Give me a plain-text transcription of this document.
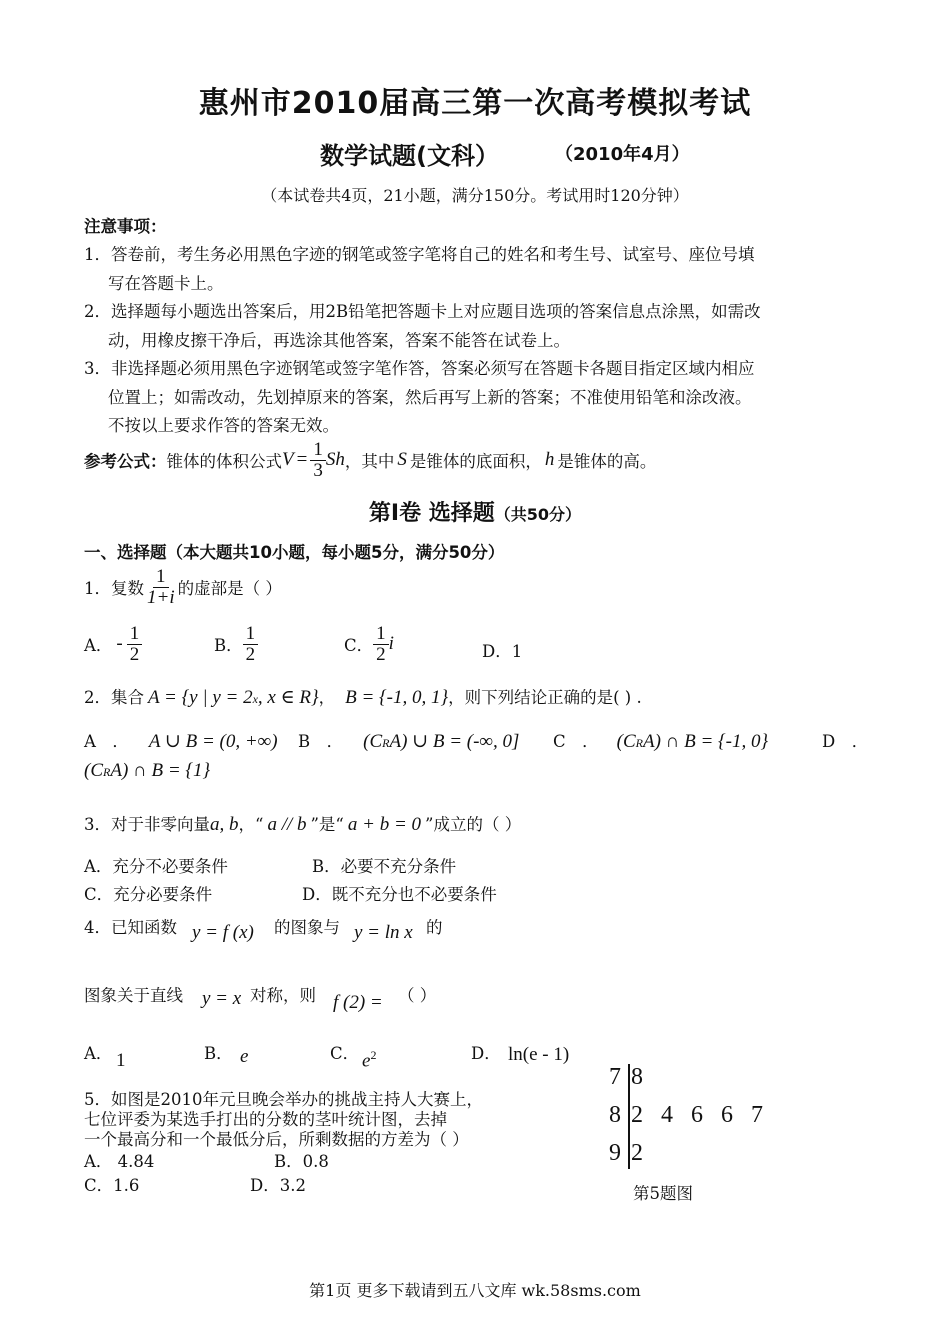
惠州市2010届高三第一次高考模拟考试
数学试题(文科）	（2010年4月）
（本试卷共4页，21小题，满分150分。考试用时120分钟）
注意事项：
1．答卷前，考生务必用黑色字迹的钢笔或签字笔将自己的姓名和考生号、试室号、座位号填
写在答题卡上。
2．选择题每小题选出答案后，用2B铅笔把答题卡上对应题目选项的答案信息点涂黑，如需改
动，用橡皮擦干净后，再选涂其他答案，答案不能答在试卷上。
3．非选择题必须用黑色字迹钢笔或签字笔作答，答案必须写在答题卡各题目指定区域内相应
位置上；如需改动，先划掉原来的答案，然后再写上新的答案；不准使用铅笔和涂改液。
不按以上要求作答的答案无效。
参考公式： 锥体的体积公式 $V = \frac{1}{3}$ Sh ，其中 S 是锥体的底面积， h 是锥体的高。
第Ⅰ卷 选择题（共50分）
一、选择题（本大题共10小题，每小题5分，满分50分）
1．复数 $\frac{1}{1+i}$ 的虚部是（ ）
A． - $\frac{1}{2}$	B． $\frac{1}{2}$	C． $\frac{1}{2}$ i	D．1
2．集合 A = {y | y = 2 x , x ∈ R} ， B = {-1, 0, 1} ，则下列结论正确的是( ) .
A　． A ∪ B = (0, +∞) B　． (C R A) ∪ B = (-∞, 0] C　． (C R A) ∩ B = {-1, 0}	D　．
(C R A) ∩ B = {1}
3．对于非零向量 a, b ，“ a // b ”是“ a + b = 0 ”成立的（ ）
A．充分不必要条件	B．必要不充分条件
C．充分必要条件	D．既不充分也不必要条件
4．已知函数 y = f (x) 的图象与 y = ln x 的
图象关于直线 y = x 对称，则 f (2) = （ ）
A． 1	B． e	C． $e^2$	D． ln(e - 1)
5．如图是2010年元旦晚会举办的挑战主持人大赛上，
七位评委为某选手打出的分数的茎叶统计图，去掉
一个最高分和一个最低分后，所剩数据的方差为（ ）
A． 4.84	B．0.8
C．1.6	D．3.2
7 8
8 2   4   6   6   7
9 2
第5题图
第1页 更多下载请到五八文库 wk.58sms.com
